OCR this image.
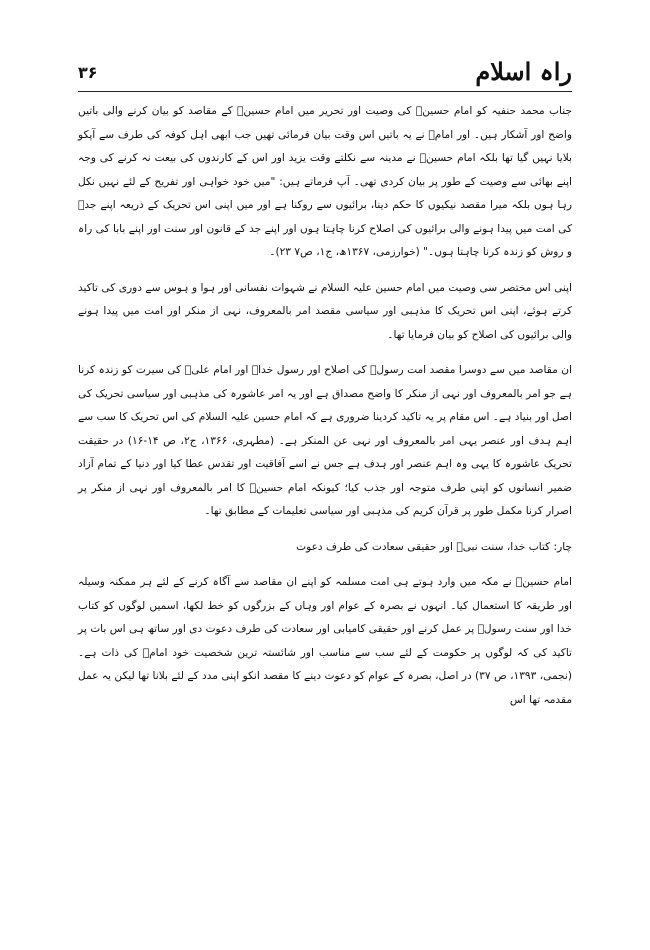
راہ اسلام
۳۶

جناب محمد حنفیہ کو امام حسینؑ کی وصیت اور تحریر میں امام حسینؑ کے مقاصد کو بیان کرنے والی باتیں واضح اور آشکار ہیں۔ اور امامؑ نے یہ باتیں اس وقت بیان فرمائی تھیں جب ابھی اہل کوفہ کی طرف سے آپکو بلایا نہیں گیا تھا بلکہ امام حسینؑ نے مدینہ سے نکلتے وقت یزید اور اس کے کارندوں کی بیعت نہ کرنے کی وجہ اپنے بھائی سے وصیت کے طور پر بیان کردی تھی۔ آپ فرماتے ہیں: "میں خود خواہی اور تفریح کے لئے نہیں نکل رہا ہوں بلکہ میرا مقصد نیکیوں کا حکم دینا، برائیوں سے روکنا ہے اور میں اپنی اس تحریک کے ذریعہ اپنے جدؐ کی امت میں پیدا ہونے والی برائیوں کی اصلاح کرنا چاہتا ہوں اور اپنے جد کے قانون اور سنت اور اپنے بابا کی راہ و روش کو زندہ کرنا چاہتا ہوں۔" (خوارزمی، ۱۳۶۷ھ، ج۱، ص۷ ۲۳)۔

اپنی اس مختصر سی وصیت میں امام حسین علیہ السلام نے شہوات نفسانی اور ہوا و ہوس سے دوری کی تاکید کرتے ہوئے، اپنی اس تحریک کا مذہبی اور سیاسی مقصد امر بالمعروف، نہی از منکر اور امت میں پیدا ہونے والی برائیوں کی اصلاح کو بیان فرمایا تھا۔

ان مقاصد میں سے دوسرا مقصد امت رسولؐ کی اصلاح اور رسول خداؐ اور امام علیؑ کی سیرت کو زندہ کرنا ہے جو امر بالمعروف اور نہی از منکر کا واضح مصداق ہے اور یہ امر عاشورہ کی مذہبی اور سیاسی تحریک کی اصل اور بنیاد ہے۔ اس مقام پر یہ تاکید کردینا ضروری ہے کہ امام حسین علیہ السلام کی اس تحریک کا سب سے اہم ہدف اور عنصر یہی امر بالمعروف اور نہی عن المنکر ہے۔ (مطہری، ۱۳۶۶، ج۲، ص ۱۴-۱۶) در حقیقت تحریک عاشورہ کا یہی وہ اہم عنصر اور ہدف ہے جس نے اسے آفاقیت اور تقدس عطا کیا اور دنیا کے تمام آزاد ضمیر انسانوں کو اپنی طرف متوجہ اور جذب کیا؛ کیونکہ امام حسینؑ کا امر بالمعروف اور نہی از منکر پر اصرار کرنا مکمل طور پر قرآن کریم کی مذہبی اور سیاسی تعلیمات کے مطابق تھا۔

چار: کتاب خدا، سنت نبیؐ اور حقیقی سعادت کی طرف دعوت

امام حسینؑ نے مکہ میں وارد ہوتے ہی امت مسلمہ کو اپنے ان مقاصد سے آگاہ کرنے کے لئے ہر ممکنہ وسیلہ اور طریقہ کا استعمال کیا۔ انہوں نے بصرہ کے عوام اور وہاں کے بزرگوں کو خط لکھا، اسمیں لوگوں کو کتاب خدا اور سنت رسولؐ پر عمل کرنے اور حقیقی کامیابی اور سعادت کی طرف دعوت دی اور ساتھ ہی اس بات پر تاکید کی کہ لوگوں پر حکومت کے لئے سب سے مناسب اور شائستہ ترین شخصیت خود امامؑ کی ذات ہے۔ (نجمی، ۱۳۹۳، ص ۳۷) در اصل، بصرہ کے عوام کو دعوت دینے کا مقصد انکو اپنی مدد کے لئے بلانا تھا لیکن یہ عمل مقدمہ تھا اس
